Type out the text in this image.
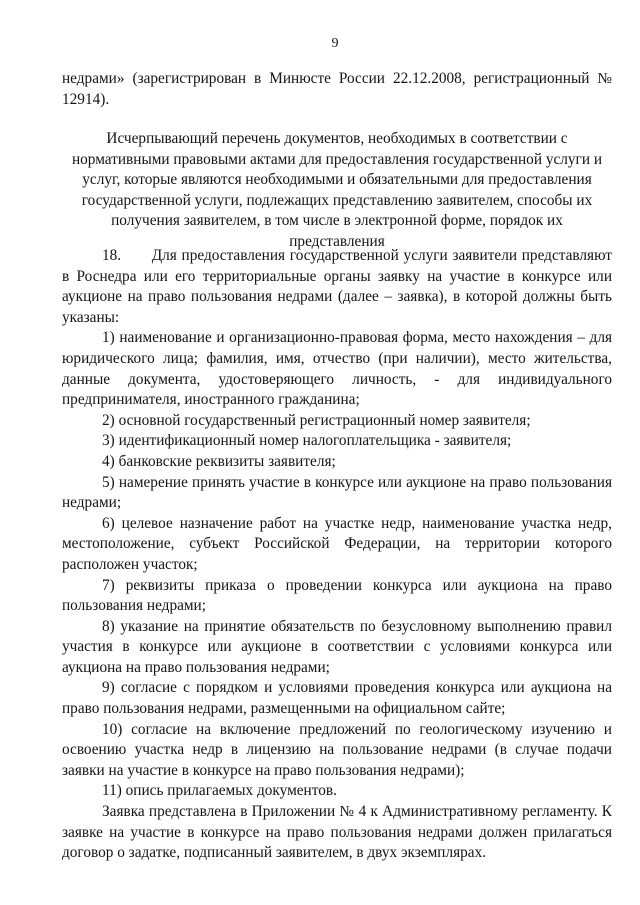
9

недрами» (зарегистрирован в Минюсте России 22.12.2008, регистрационный № 12914).

Исчерпывающий перечень документов, необходимых в соответствии с нормативными правовыми актами для предоставления государственной услуги и услуг, которые являются необходимыми и обязательными для предоставления государственной услуги, подлежащих представлению заявителем, способы их получения заявителем, в том числе в электронной форме, порядок их представления

18.  Для предоставления государственной услуги заявители представляют в Роснедра или его территориальные органы заявку на участие в конкурсе или аукционе на право пользования недрами (далее – заявка), в которой должны быть указаны:

1) наименование и организационно-правовая форма, место нахождения – для юридического лица; фамилия, имя, отчество (при наличии), место жительства, данные документа, удостоверяющего личность, - для индивидуального предпринимателя, иностранного гражданина;

2) основной государственный регистрационный номер заявителя;

3) идентификационный номер налогоплательщика - заявителя;

4) банковские реквизиты заявителя;

5) намерение принять участие в конкурсе или аукционе на право пользования недрами;

6) целевое назначение работ на участке недр, наименование участка недр, местоположение, субъект Российской Федерации, на территории которого расположен участок;

7) реквизиты приказа о проведении конкурса или аукциона на право пользования недрами;

8) указание на принятие обязательств по безусловному выполнению правил участия в конкурсе или аукционе в соответствии с условиями конкурса или аукциона на право пользования недрами;

9) согласие с порядком и условиями проведения конкурса или аукциона на право пользования недрами, размещенными на официальном сайте;

10) согласие на включение предложений по геологическому изучению и освоению участка недр в лицензию на пользование недрами (в случае подачи заявки на участие в конкурсе на право пользования недрами);

11) опись прилагаемых документов.

Заявка представлена в Приложении № 4 к Административному регламенту. К заявке на участие в конкурсе на право пользования недрами должен прилагаться договор о задатке, подписанный заявителем, в двух экземплярах.
